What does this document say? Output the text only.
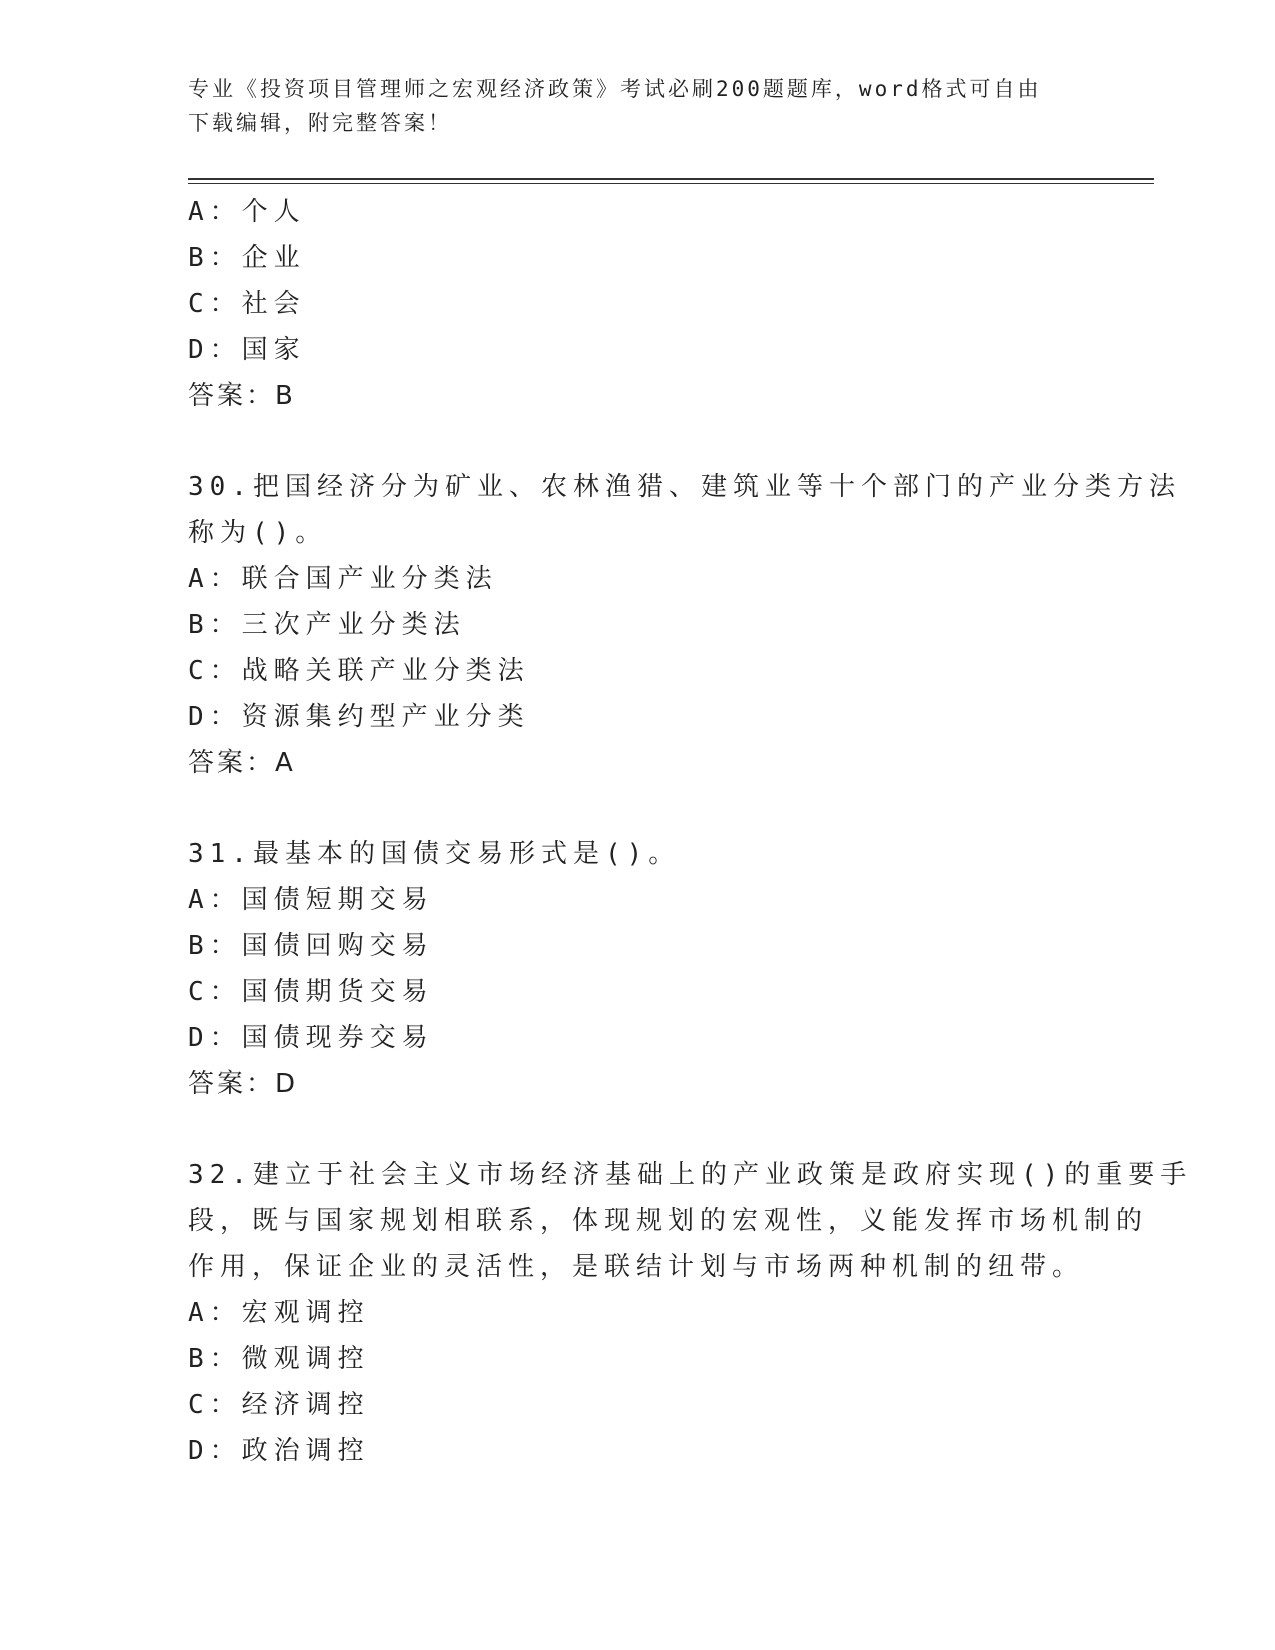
专业《投资项目管理师之宏观经济政策》考试必刷200题题库，word格式可自由
下载编辑，附完整答案！
A：个人
B：企业
C：社会
D：国家
答案：B
30.把国经济分为矿业、农林渔猎、建筑业等十个部门的产业分类方法
称为()。
A：联合国产业分类法
B：三次产业分类法
C：战略关联产业分类法
D：资源集约型产业分类
答案：A
31.最基本的国债交易形式是()。
A：国债短期交易
B：国债回购交易
C：国债期货交易
D：国债现券交易
答案：D
32.建立于社会主义市场经济基础上的产业政策是政府实现()的重要手
段，既与国家规划相联系，体现规划的宏观性，义能发挥市场机制的
作用，保证企业的灵活性，是联结计划与市场两种机制的纽带。
A：宏观调控
B：微观调控
C：经济调控
D：政治调控
